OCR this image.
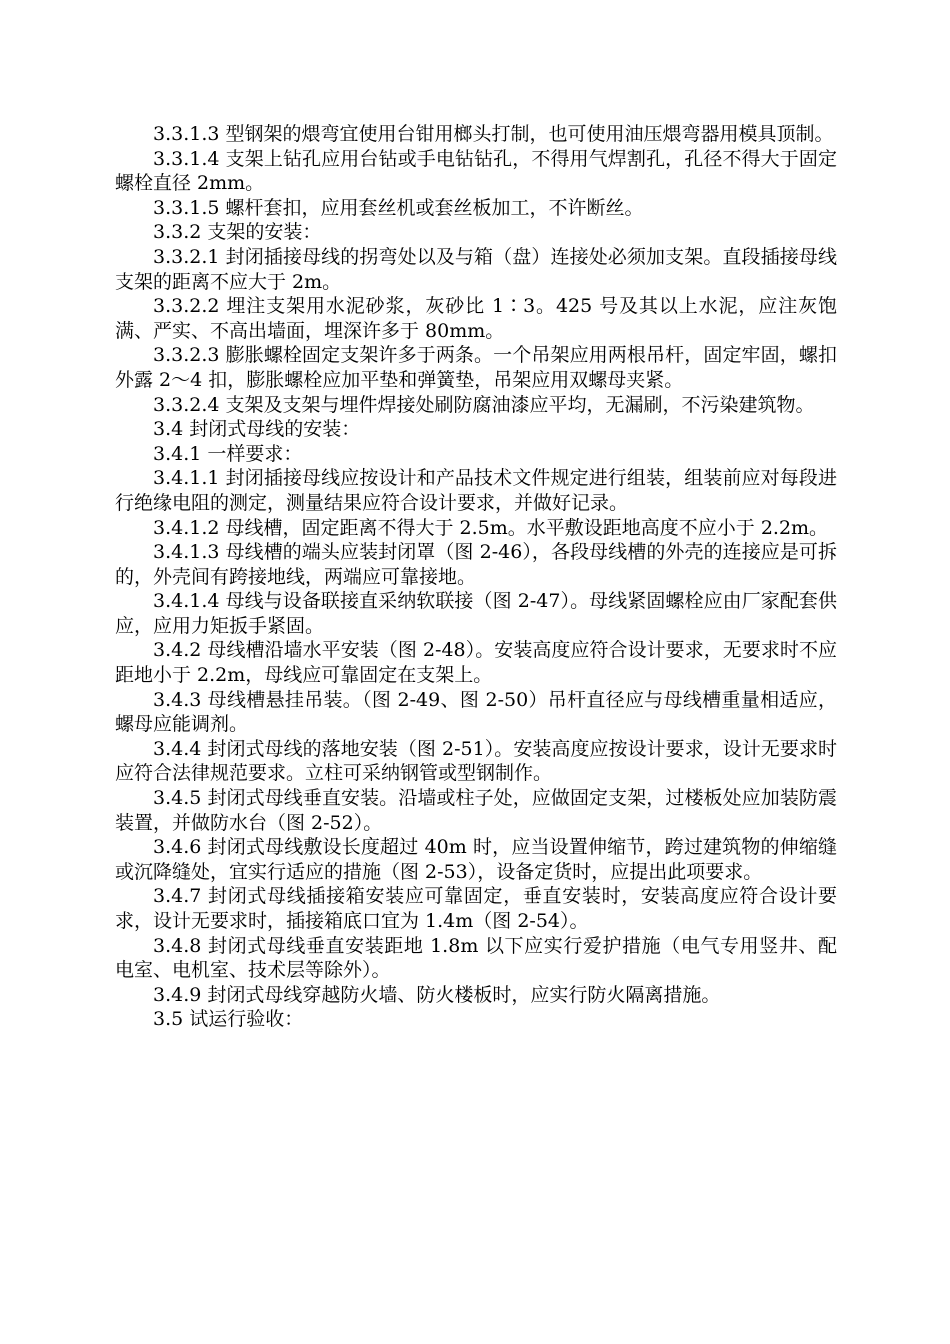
3.3.1.3 型钢架的煨弯宜使用台钳用榔头打制，也可使用油压煨弯器用模具顶制。

3.3.1.4 支架上钻孔应用台钻或手电钻钻孔，不得用气焊割孔，孔径不得大于固定螺栓直径 2mm。

3.3.1.5 螺杆套扣，应用套丝机或套丝板加工，不许断丝。

3.3.2 支架的安装：

3.3.2.1 封闭插接母线的拐弯处以及与箱（盘）连接处必须加支架。直段插接母线支架的距离不应大于 2m。

3.3.2.2 埋注支架用水泥砂浆，灰砂比 1∶3。425 号及其以上水泥，应注灰饱满、严实、不高出墙面，埋深许多于 80mm。

3.3.2.3 膨胀螺栓固定支架许多于两条。一个吊架应用两根吊杆，固定牢固，螺扣外露 2～4 扣，膨胀螺栓应加平垫和弹簧垫，吊架应用双螺母夹紧。

3.3.2.4 支架及支架与埋件焊接处刷防腐油漆应平均，无漏刷，不污染建筑物。

3.4 封闭式母线的安装：

3.4.1 一样要求：

3.4.1.1 封闭插接母线应按设计和产品技术文件规定进行组装，组装前应对每段进行绝缘电阻的测定，测量结果应符合设计要求，并做好记录。

3.4.1.2 母线槽，固定距离不得大于 2.5m。水平敷设距地高度不应小于 2.2m。

3.4.1.3 母线槽的端头应装封闭罩（图 2-46），各段母线槽的外壳的连接应是可拆的，外壳间有跨接地线，两端应可靠接地。

3.4.1.4 母线与设备联接直采纳软联接（图 2-47）。母线紧固螺栓应由厂家配套供应，应用力矩扳手紧固。

3.4.2 母线槽沿墙水平安装（图 2-48）。安装高度应符合设计要求，无要求时不应距地小于 2.2m，母线应可靠固定在支架上。

3.4.3 母线槽悬挂吊装。（图 2-49、图 2-50）吊杆直径应与母线槽重量相适应，螺母应能调剂。

3.4.4 封闭式母线的落地安装（图 2-51）。安装高度应按设计要求，设计无要求时应符合法律规范要求。立柱可采纳钢管或型钢制作。

3.4.5 封闭式母线垂直安装。沿墙或柱子处，应做固定支架，过楼板处应加装防震装置，并做防水台（图 2-52）。

3.4.6 封闭式母线敷设长度超过 40m 时，应当设置伸缩节，跨过建筑物的伸缩缝或沉降缝处，宜实行适应的措施（图 2-53），设备定货时，应提出此项要求。

3.4.7 封闭式母线插接箱安装应可靠固定，垂直安装时，安装高度应符合设计要求，设计无要求时，插接箱底口宜为 1.4m（图 2-54）。

3.4.8 封闭式母线垂直安装距地 1.8m 以下应实行爱护措施（电气专用竖井、配电室、电机室、技术层等除外）。

3.4.9 封闭式母线穿越防火墙、防火楼板时，应实行防火隔离措施。

3.5 试运行验收：
